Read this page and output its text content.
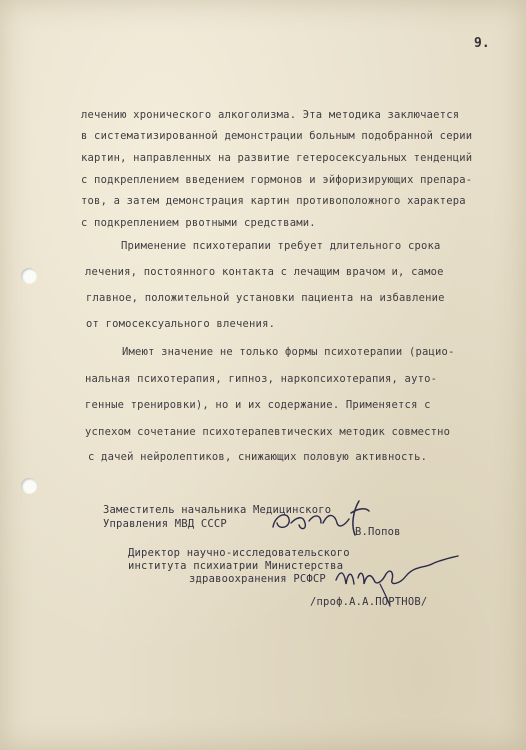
9.
лечению хронического алкоголизма. Эта методика заключается
в систематизированной демонстрации больным подобранной серии
картин, направленных на развитие гетеросексуальных тенденций
с подкреплением введением гормонов и эйфоризирующих препара-
тов, а затем демонстрация картин противоположного характера
с подкреплением рвотными средствами.
Применение психотерапии требует длительного срока
лечения, постоянного контакта с лечащим врачом и, самое
главное, положительной установки пациента на избавление
от гомосексуального влечения.
Имеют значение не только формы психотерапии (рацио-
нальная психотерапия, гипноз, наркопсихотерапия, ауто-
генные тренировки), но и их содержание. Применяется с
успехом сочетание психотерапевтических методик совместно
с дачей нейролептиков, снижающих половую активность.
Заместитель начальника Медицинского
Управления МВД СССР
В.Попов
Директор научно-исследовательского
института психиатрии Министерства
здравоохранения РСФСР
/проф.А.А.ПОРТНОВ/
